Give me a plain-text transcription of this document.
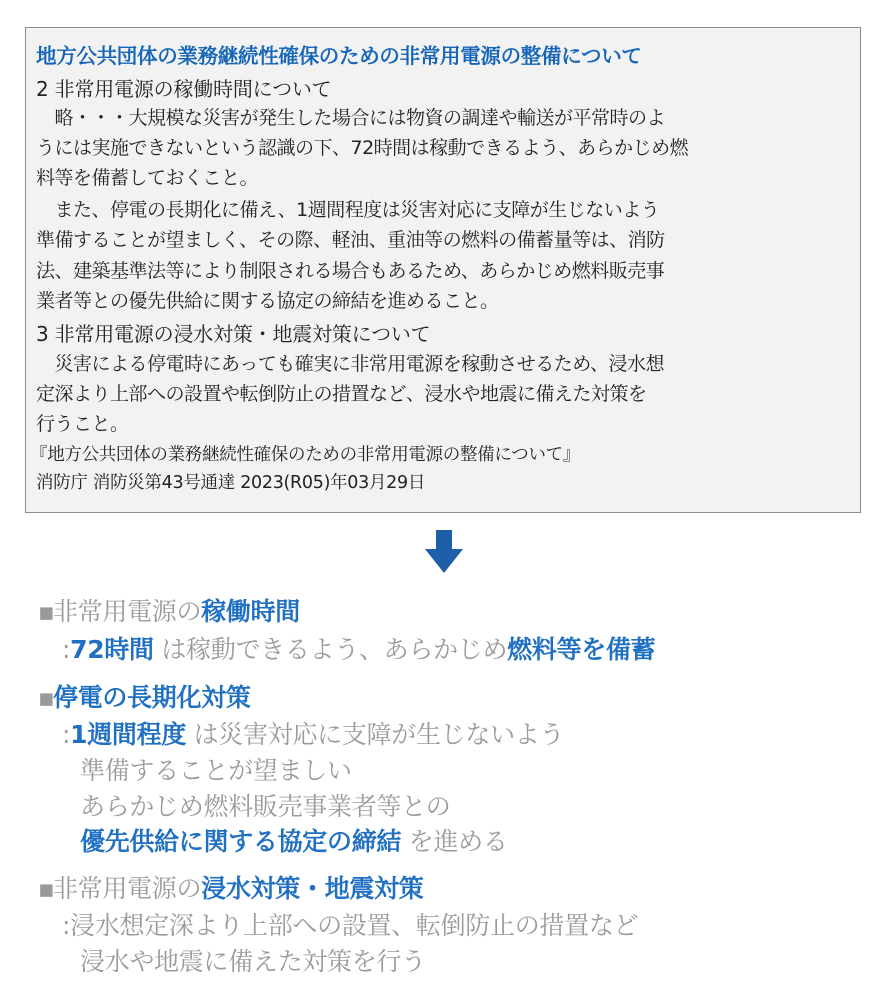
地方公共団体の業務継続性確保のための非常用電源の整備について

2 非常用電源の稼働時間について

　略・・・大規模な災害が発生した場合には物資の調達や輸送が平常時のよ

うには実施できないという認識の下、72時間は稼動できるよう、あらかじめ燃

料等を備蓄しておくこと。

　また、停電の長期化に備え、1週間程度は災害対応に支障が生じないよう

準備することが望ましく、その際、軽油、重油等の燃料の備蓄量等は、消防

法、建築基準法等により制限される場合もあるため、あらかじめ燃料販売事

業者等との優先供給に関する協定の締結を進めること。

3 非常用電源の浸水対策・地震対策について

　災害による停電時にあっても確実に非常用電源を稼動させるため、浸水想

定深より上部への設置や転倒防止の措置など、浸水や地震に備えた対策を

行うこと。

『地方公共団体の業務継続性確保のための非常用電源の整備について』

消防庁 消防災第43号通達 2023(R05)年03月29日

▪非常用電源の稼働時間

:72時間 は稼動できるよう、あらかじめ燃料等を備蓄

▪停電の長期化対策

:1週間程度 は災害対応に支障が生じないよう

準備することが望ましい

あらかじめ燃料販売事業者等との

優先供給に関する協定の締結 を進める

▪非常用電源の浸水対策・地震対策

:浸水想定深より上部への設置、転倒防止の措置など

浸水や地震に備えた対策を行う
